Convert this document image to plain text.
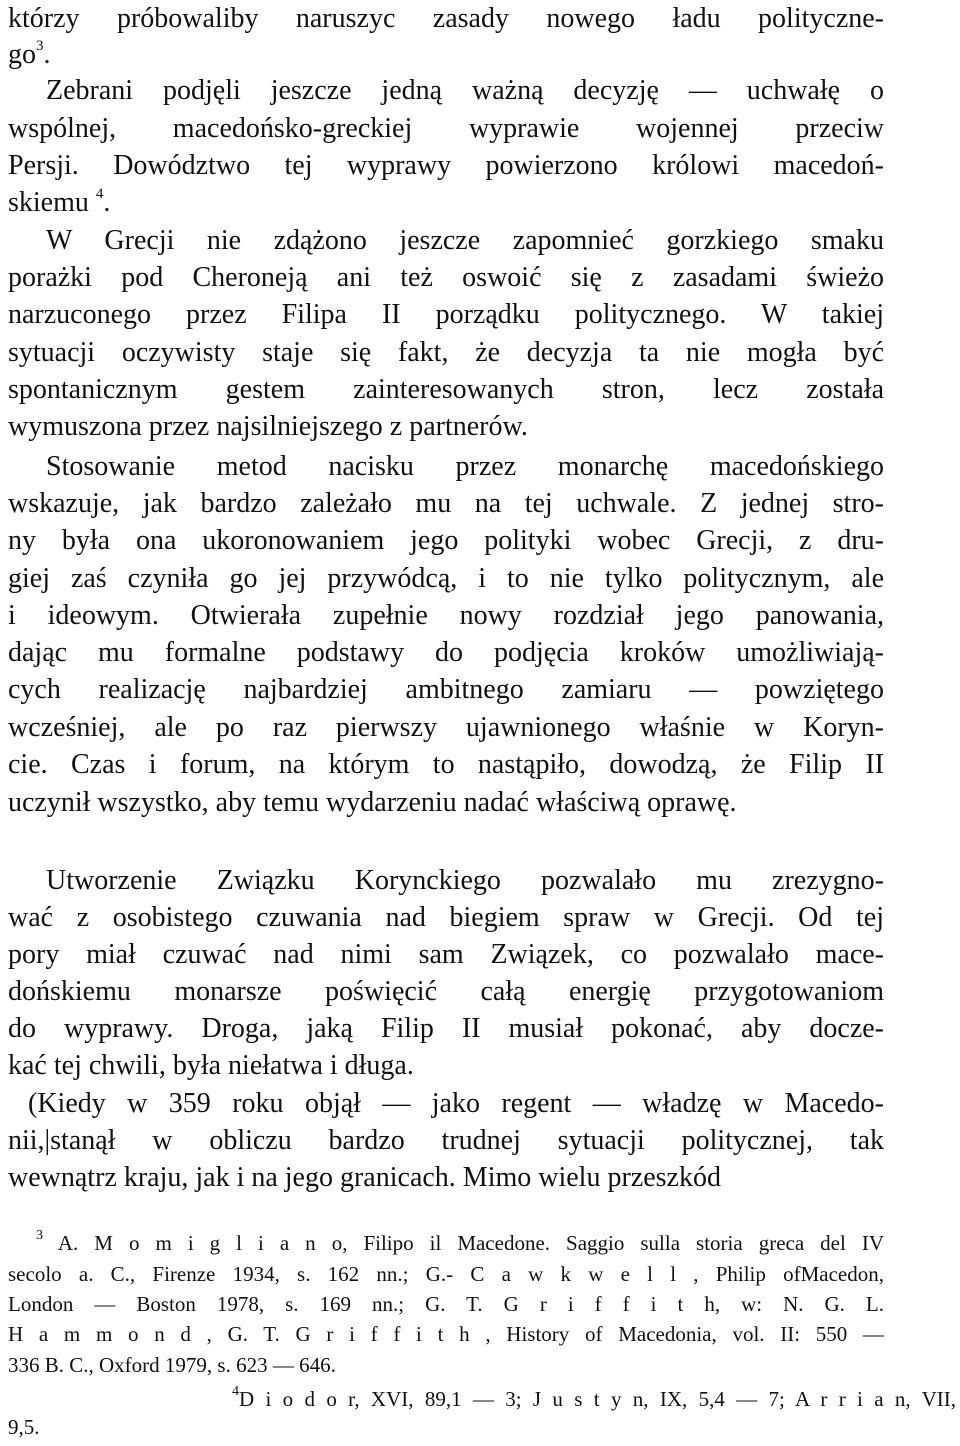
którzy próbowaliby naruszyc zasady nowego ładu polityczne-
$go^3$.
Zebrani podjęli jeszcze jedną ważną decyzję — uchwałę o
wspólnej, macedońsko-greckiej wyprawie wojennej przeciw
Persji. Dowództwo tej wyprawy powierzono królowi macedoń-
skiemu $^4$.
W Grecji nie zdążono jeszcze zapomnieć gorzkiego smaku
porażki pod Cheroneją ani też oswoić się z zasadami świeżo
narzuconego przez Filipa II porządku politycznego. W takiej
sytuacji oczywisty staje się fakt, że decyzja ta nie mogła być
spontanicznym gestem zainteresowanych stron, lecz została
wymuszona przez najsilniejszego z partnerów.
Stosowanie metod nacisku przez monarchę macedońskiego
wskazuje, jak bardzo zależało mu na tej uchwale. Z jednej stro-
ny była ona ukoronowaniem jego polityki wobec Grecji, z dru-
giej zaś czyniła go jej przywódcą, i to nie tylko politycznym, ale
i ideowym. Otwierała zupełnie nowy rozdział jego panowania,
dając mu formalne podstawy do podjęcia kroków umożliwiają-
cych realizację najbardziej ambitnego zamiaru — powziętego
wcześniej, ale po raz pierwszy ujawnionego właśnie w Koryn-
cie. Czas i forum, na którym to nastąpiło, dowodzą, że Filip II
uczynił wszystko, aby temu wydarzeniu nadać właściwą oprawę.
Utworzenie Związku Korynckiego pozwalało mu zrezygno-
wać z osobistego czuwania nad biegiem spraw w Grecji. Od tej
pory miał czuwać nad nimi sam Związek, co pozwalało mace-
dońskiemu monarsze poświęcić całą energię przygotowaniom
do wyprawy. Droga, jaką Filip II musiał pokonać, aby docze-
kać tej chwili, była niełatwa i długa.
(Kiedy w 359 roku objął — jako regent — władzę w Macedo-
nii,|stanął w obliczu bardzo trudnej sytuacji politycznej, tak
wewnątrz kraju, jak i na jego granicach. Mimo wielu przeszkód
$^3$ A. M o m i g l i a n o, Filipo il Macedone. Saggio sulla storia greca del IV
secolo a. C., Firenze 1934, s. 162 nn.; G.- C a w k w e l l , Philip ofMacedon,
London — Boston 1978, s. 169 nn.; G. T. G r i f f i t h, w: N. G. L.
H a m m o n d , G. T. G r i f f i t h , History of Macedonia, vol. II: 550 —
336 B. C., Oxford 1979, s. 623 — 646.
$^4$D i o d o r, XVI, 89,1 — 3; J u s t y n, IX, 5,4 — 7; A r r i a n, VII,
9,5.
